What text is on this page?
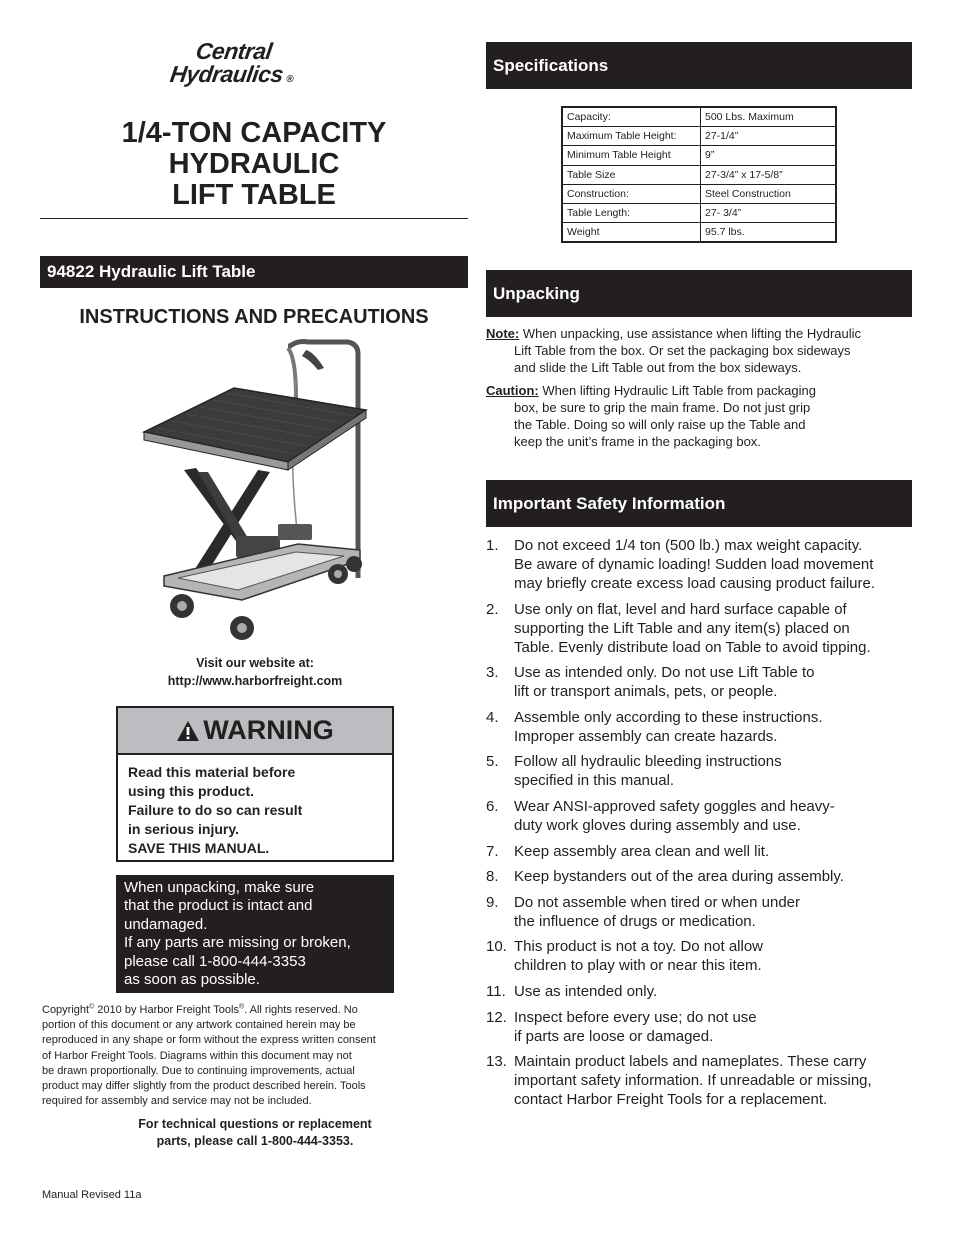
Central
Hydraulics®
1/4-TON CAPACITY
HYDRAULIC
LIFT TABLE
94822 Hydraulic Lift Table
INSTRUCTIONS AND PRECAUTIONS
Visit our website at:
http://www.harborfreight.com
WARNING
Read this material before
using this product.
Failure to do so can result
in serious injury.
SAVE THIS MANUAL.
When unpacking, make sure
that the product is intact and
undamaged.
If any parts are missing or broken,
please call 1-800-444-3353
as soon as possible.
Copyright© 2010 by Harbor Freight Tools®. All rights reserved. No
portion of this document or any artwork contained herein may be
reproduced in any shape or form without the express written consent
of Harbor Freight Tools. Diagrams within this document may not
be drawn proportionally. Due to continuing improvements, actual
product may differ slightly from the product described herein. Tools
required for assembly and service may not be included.
For technical questions or replacement
parts, please call 1-800-444-3353.
Manual Revised 11a
Specifications
Capacity:	500 Lbs. Maximum
Maximum Table Height:	27-1/4”
Minimum Table Height	9”
Table Size	27-3/4” x 17-5/8”
Construction:	Steel Construction
Table Length:	27- 3/4”
Weight	95.7 lbs.
Unpacking
Note: When unpacking, use assistance when lifting the Hydraulic
Lift Table from the box. Or set the packaging box sideways
and slide the Lift Table out from the box sideways.
Caution: When lifting Hydraulic Lift Table from packaging
box, be sure to grip the main frame. Do not just grip
the Table. Doing so will only raise up the Table and
keep the unit’s frame in the packaging box.
Important Safety Information
1. Do not exceed 1/4 ton (500 lb.) max weight capacity.
Be aware of dynamic loading! Sudden load movement
may briefly create excess load causing product failure.
2. Use only on flat, level and hard surface capable of
supporting the Lift Table and any item(s) placed on
Table. Evenly distribute load on Table to avoid tipping.
3. Use as intended only. Do not use Lift Table to
lift or transport animals, pets, or people.
4. Assemble only according to these instructions.
Improper assembly can create hazards.
5. Follow all hydraulic bleeding instructions
specified in this manual.
6. Wear ANSI-approved safety goggles and heavy-
duty work gloves during assembly and use.
7. Keep assembly area clean and well lit.
8. Keep bystanders out of the area during assembly.
9. Do not assemble when tired or when under
the influence of drugs or medication.
10. This product is not a toy. Do not allow
children to play with or near this item.
11. Use as intended only.
12. Inspect before every use; do not use
if parts are loose or damaged.
13. Maintain product labels and nameplates. These carry
important safety information. If unreadable or missing,
contact Harbor Freight Tools for a replacement.
